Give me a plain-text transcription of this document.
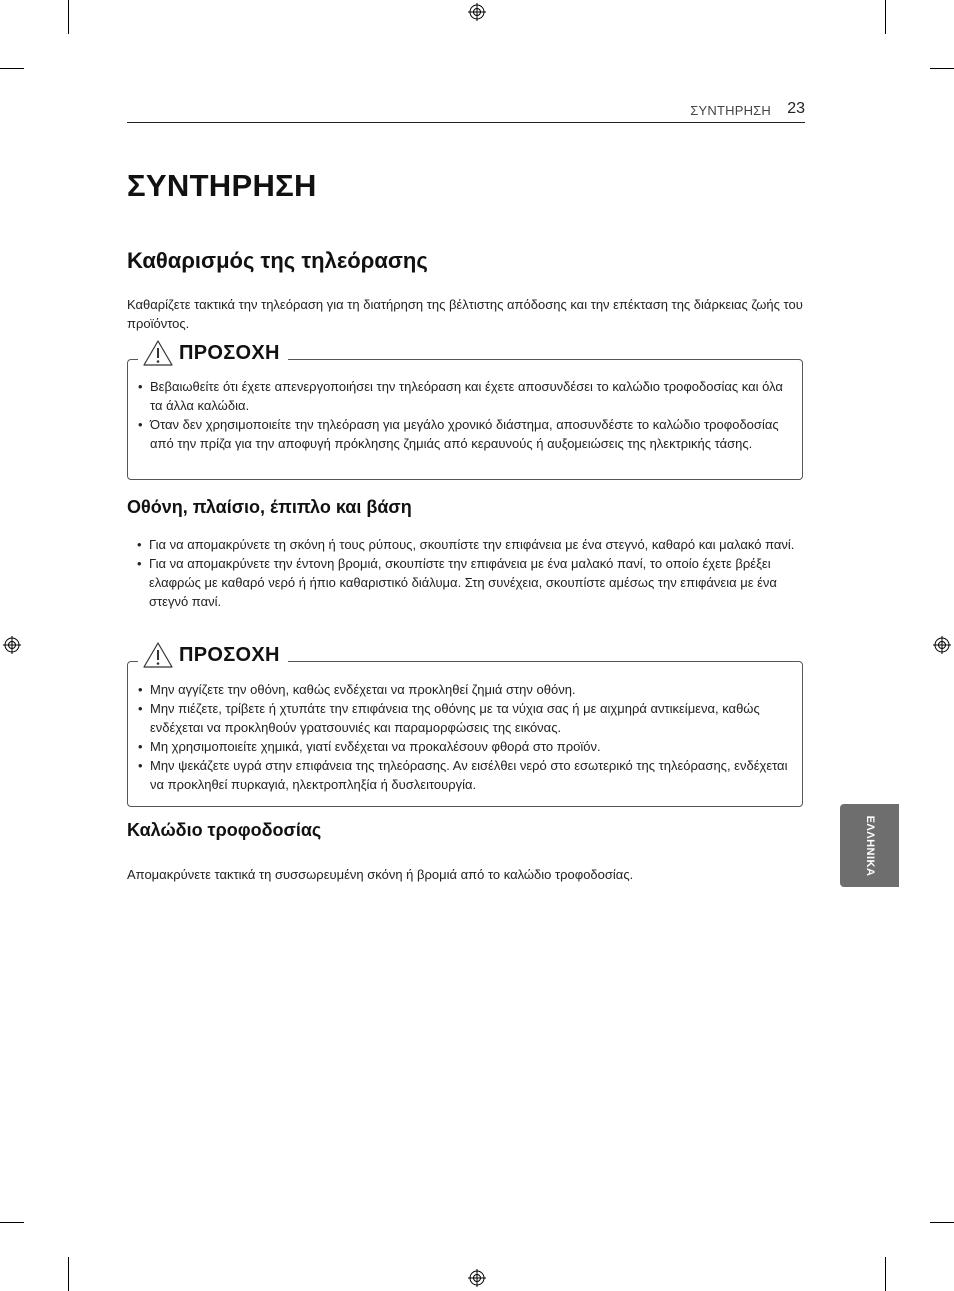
ΣΥΝΤΗΡΗΣΗ 23
ΣΥΝΤΗΡΗΣΗ
Καθαρισμός της τηλεόρασης

Καθαρίζετε τακτικά την τηλεόραση για τη διατήρηση της βέλτιστης απόδοσης και την επέκταση της διάρκειας ζωής του προϊόντος.

ΠΡΟΣΟΧΗ
• Βεβαιωθείτε ότι έχετε απενεργοποιήσει την τηλεόραση και έχετε αποσυνδέσει το καλώδιο τροφοδοσίας και όλα τα άλλα καλώδια.
• Όταν δεν χρησιμοποιείτε την τηλεόραση για μεγάλο χρονικό διάστημα, αποσυνδέστε το καλώδιο τροφοδοσίας από την πρίζα για την αποφυγή πρόκλησης ζημιάς από κεραυνούς ή αυξομειώσεις της ηλεκτρικής τάσης.
Οθόνη, πλαίσιο, έπιπλο και βάση
• Για να απομακρύνετε τη σκόνη ή τους ρύπους, σκουπίστε την επιφάνεια με ένα στεγνό, καθαρό και μαλακό πανί.
• Για να απομακρύνετε την έντονη βρομιά, σκουπίστε την επιφάνεια με ένα μαλακό πανί, το οποίο έχετε βρέξει ελαφρώς με καθαρό νερό ή ήπιο καθαριστικό διάλυμα. Στη συνέχεια, σκουπίστε αμέσως την επιφάνεια με ένα στεγνό πανί.
ΠΡΟΣΟΧΗ
• Μην αγγίζετε την οθόνη, καθώς ενδέχεται να προκληθεί ζημιά στην οθόνη.
• Μην πιέζετε, τρίβετε ή χτυπάτε την επιφάνεια της οθόνης με τα νύχια σας ή με αιχμηρά αντικείμενα, καθώς ενδέχεται να προκληθούν γρατσουνιές και παραμορφώσεις της εικόνας.
• Μη χρησιμοποιείτε χημικά, γιατί ενδέχεται να προκαλέσουν φθορά στο προϊόν.
• Μην ψεκάζετε υγρά στην επιφάνεια της τηλεόρασης. Αν εισέλθει νερό στο εσωτερικό της τηλεόρασης, ενδέχεται να προκληθεί πυρκαγιά, ηλεκτροπληξία ή δυσλειτουργία.
Καλώδιο τροφοδοσίας

Απομακρύνετε τακτικά τη συσσωρευμένη σκόνη ή βρομιά από το καλώδιο τροφοδοσίας.	ΕΛΛΗΝΙΚΑ
